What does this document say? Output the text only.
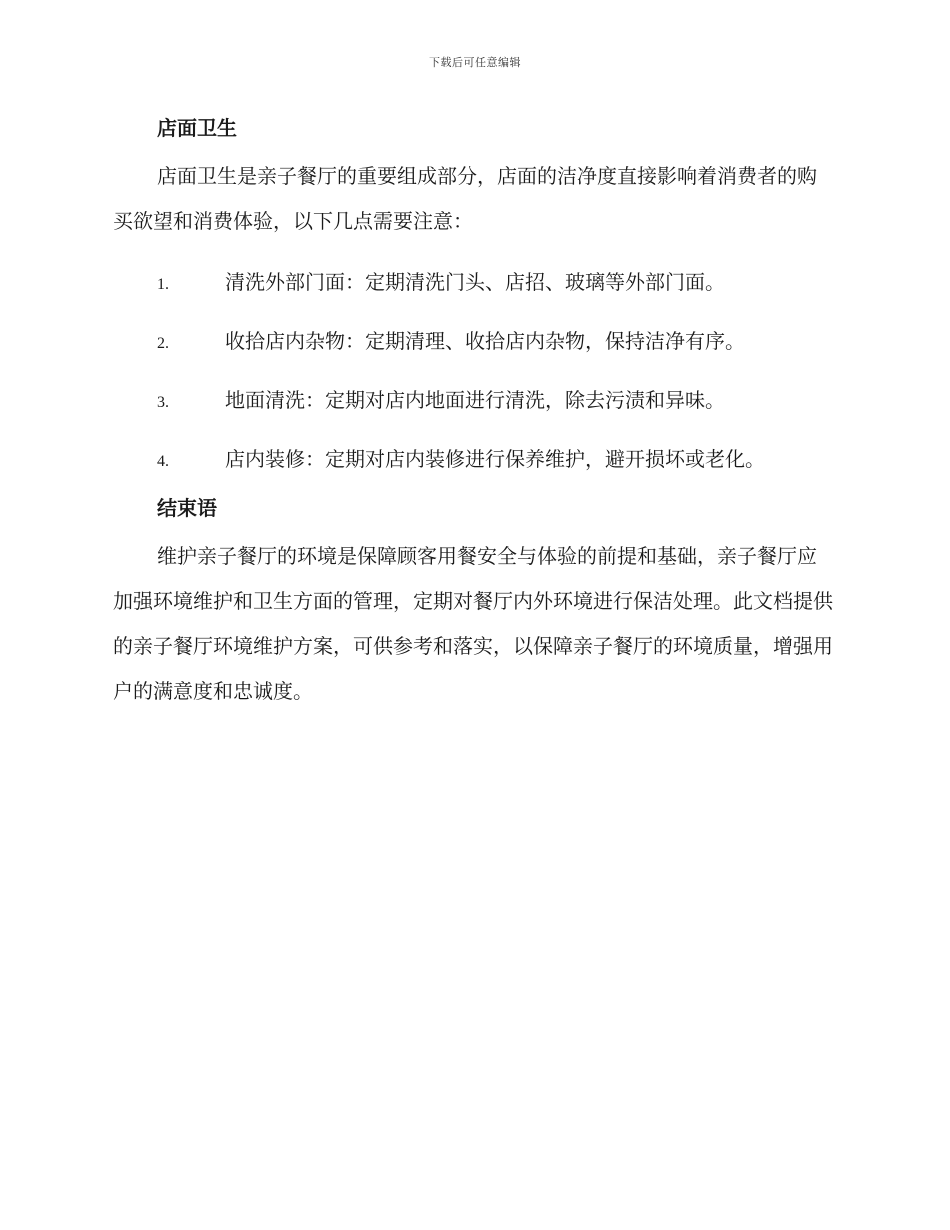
下载后可任意编辑
店面卫生

店面卫生是亲子餐厅的重要组成部分，店面的洁净度直接影响着消费者的购买欲望和消费体验，以下几点需要注意：

1.	清洗外部门面：定期清洗门头、店招、玻璃等外部门面。
2.	收拾店内杂物：定期清理、收拾店内杂物，保持洁净有序。
3.	地面清洗：定期对店内地面进行清洗，除去污渍和异味。
4.	店内装修：定期对店内装修进行保养维护，避开损坏或老化。
结束语

维护亲子餐厅的环境是保障顾客用餐安全与体验的前提和基础，亲子餐厅应加强环境维护和卫生方面的管理，定期对餐厅内外环境进行保洁处理。此文档提供的亲子餐厅环境维护方案，可供参考和落实，以保障亲子餐厅的环境质量，增强用户的满意度和忠诚度。
